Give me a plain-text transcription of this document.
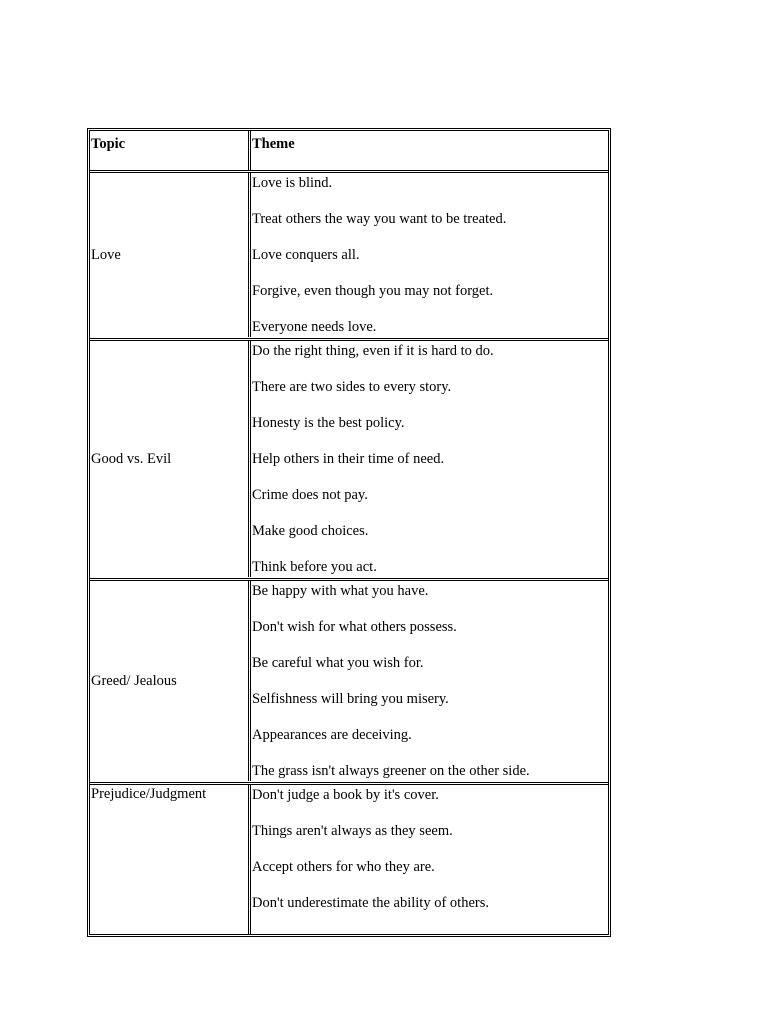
Topic	Theme
Love
Love is blind.
Treat others the way you want to be treated.
Love conquers all.
Forgive, even though you may not forget.
Everyone needs love.
Good vs. Evil
Do the right thing, even if it is hard to do.
There are two sides to every story.
Honesty is the best policy.
Help others in their time of need.
Crime does not pay.
Make good choices.
Think before you act.
Greed/ Jealous
Be happy with what you have.
Don't wish for what others possess.
Be careful what you wish for.
Selfishness will bring you misery.
Appearances are deceiving.
The grass isn't always greener on the other side.
Prejudice/Judgment	Don't judge a book by it's cover.
Things aren't always as they seem.
Accept others for who they are.
Don't underestimate the ability of others.
